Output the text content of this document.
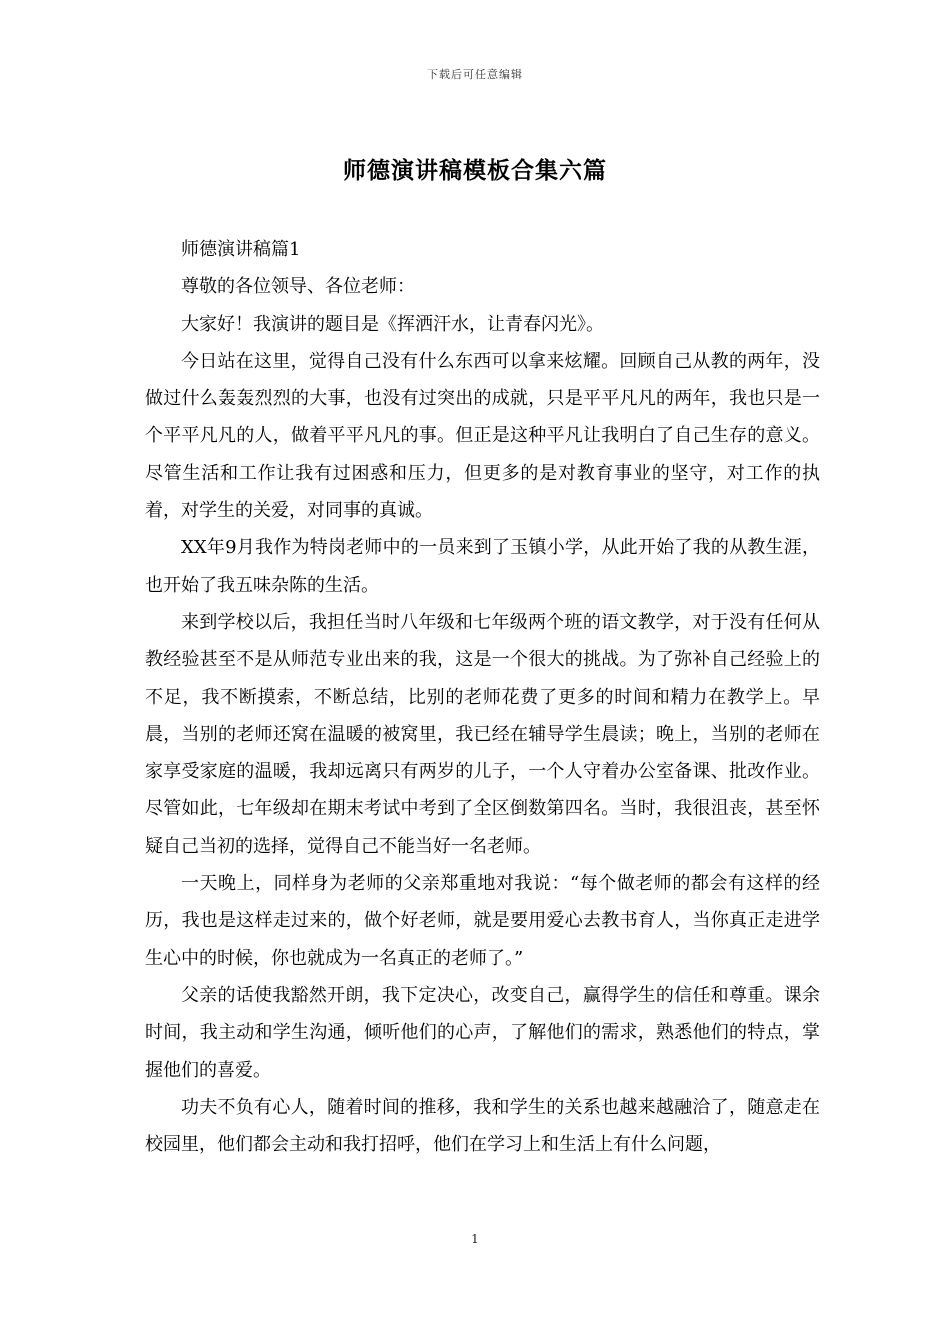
下载后可任意编辑
师德演讲稿模板合集六篇

师德演讲稿篇1

尊敬的各位领导、各位老师：

大家好！我演讲的题目是《挥洒汗水，让青春闪光》。

今日站在这里，觉得自己没有什么东西可以拿来炫耀。回顾自己从教的两年，没做过什么轰轰烈烈的大事，也没有过突出的成就，只是平平凡凡的两年，我也只是一个平平凡凡的人，做着平平凡凡的事。但正是这种平凡让我明白了自己生存的意义。尽管生活和工作让我有过困惑和压力，但更多的是对教育事业的坚守，对工作的执着，对学生的关爱，对同事的真诚。

XX年9月我作为特岗老师中的一员来到了玉镇小学，从此开始了我的从教生涯，也开始了我五味杂陈的生活。

来到学校以后，我担任当时八年级和七年级两个班的语文教学，对于没有任何从教经验甚至不是从师范专业出来的我，这是一个很大的挑战。为了弥补自己经验上的不足，我不断摸索，不断总结，比别的老师花费了更多的时间和精力在教学上。早晨，当别的老师还窝在温暖的被窝里，我已经在辅导学生晨读；晚上，当别的老师在家享受家庭的温暖，我却远离只有两岁的儿子，一个人守着办公室备课、批改作业。尽管如此，七年级却在期末考试中考到了全区倒数第四名。当时，我很沮丧，甚至怀疑自己当初的选择，觉得自己不能当好一名老师。

一天晚上，同样身为老师的父亲郑重地对我说：“每个做老师的都会有这样的经历，我也是这样走过来的，做个好老师，就是要用爱心去教书育人，当你真正走进学生心中的时候，你也就成为一名真正的老师了。”

父亲的话使我豁然开朗，我下定决心，改变自己，赢得学生的信任和尊重。课余时间，我主动和学生沟通，倾听他们的心声，了解他们的需求，熟悉他们的特点，掌握他们的喜爱。

功夫不负有心人，随着时间的推移，我和学生的关系也越来越融洽了，随意走在校园里，他们都会主动和我打招呼，他们在学习上和生活上有什么问题，

1
